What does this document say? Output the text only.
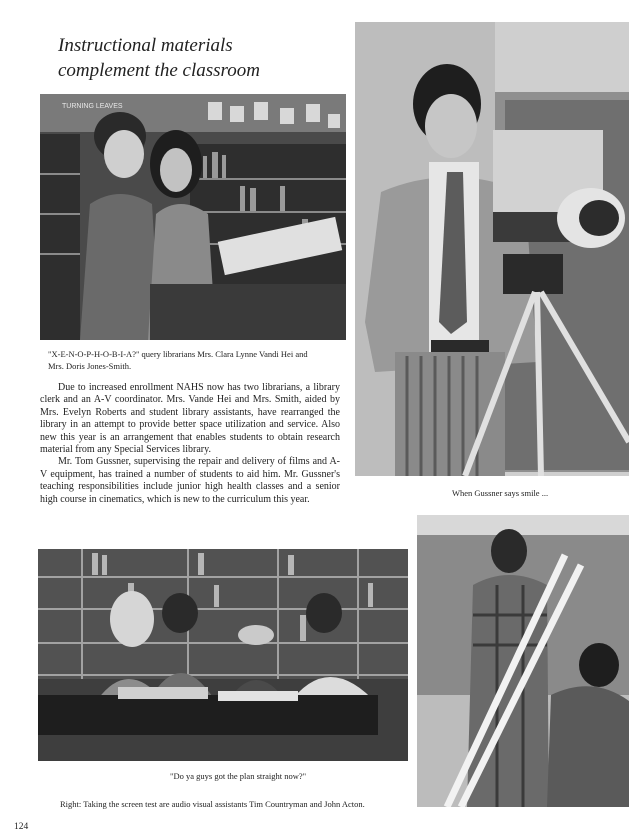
Instructional materials
complement the classroom
TURNING LEAVES
"X-E-N-O-P-H-O-B-I-A?" query librarians Mrs. Clara Lynne Vandi Hei and
Mrs. Doris Jones-Smith.
When Gussner says smile ...

Due to increased enrollment NAHS now has two librarians, a library clerk and an A-V coordinator. Mrs. Vande Hei and Mrs. Smith, aided by Mrs. Evelyn Roberts and student library assistants, have rearranged the library in an attempt to provide better space utilization and service. Also new this year is an arrangement that enables students to obtain research material from any Special Services library.

Mr. Tom Gussner, supervising the repair and delivery of films and A-V equipment, has trained a number of students to aid him. Mr. Gussner's teaching responsibilities include junior high health classes and a senior high course in cinematics, which is new to the curriculum this year.

"Do ya guys got the plan straight now?"
Right: Taking the screen test are audio visual assistants Tim Countryman and John Acton.
124
